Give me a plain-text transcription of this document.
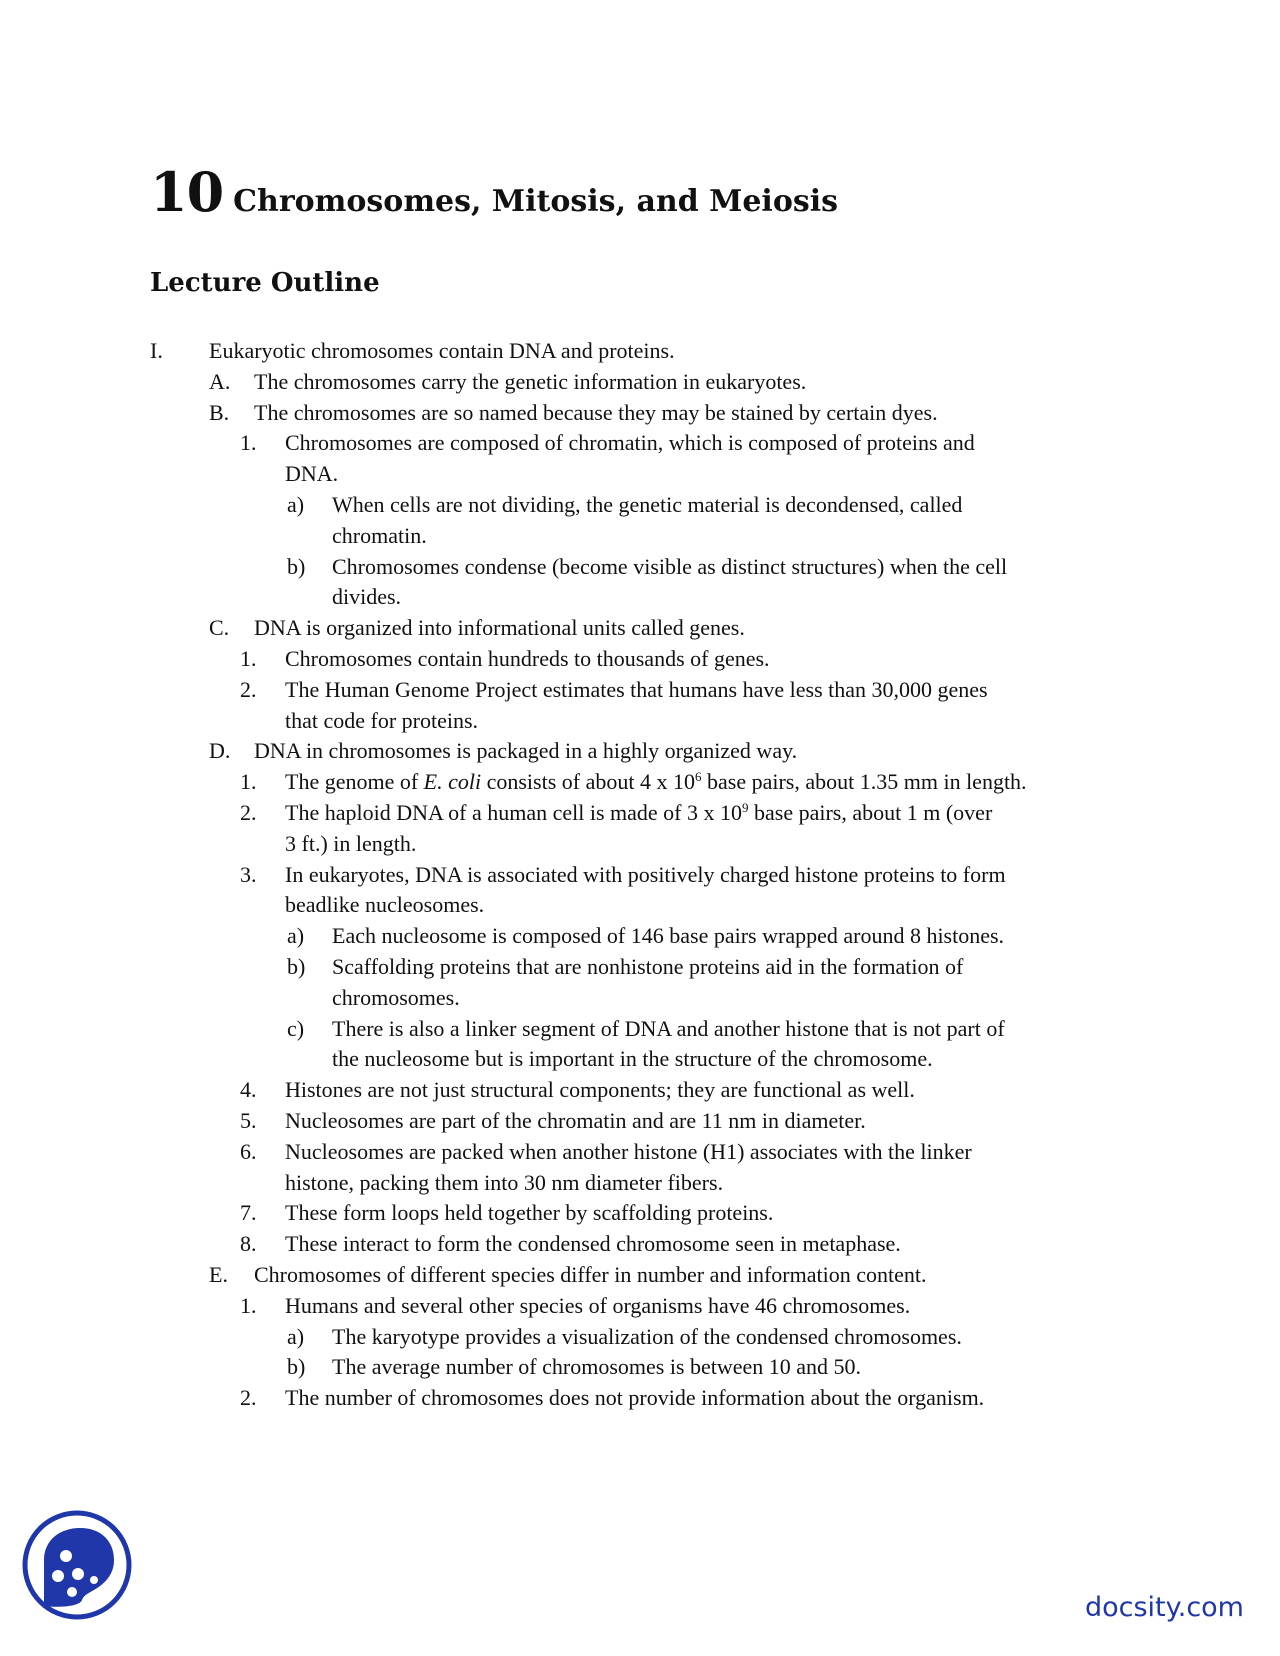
10 Chromosomes, Mitosis, and Meiosis
Lecture Outline
I. Eukaryotic chromosomes contain DNA and proteins.
A. The chromosomes carry the genetic information in eukaryotes.
B. The chromosomes are so named because they may be stained by certain dyes.
1. Chromosomes are composed of chromatin, which is composed of proteins and
DNA.
a) When cells are not dividing, the genetic material is decondensed, called
chromatin.
b) Chromosomes condense (become visible as distinct structures) when the cell
divides.
C. DNA is organized into informational units called genes.
1. Chromosomes contain hundreds to thousands of genes.
2. The Human Genome Project estimates that humans have less than 30,000 genes
that code for proteins.
D. DNA in chromosomes is packaged in a highly organized way.
1. The genome of E. coli consists of about 4 x $10^6$ base pairs, about 1.35 mm in length.
2. The haploid DNA of a human cell is made of 3 x $10^9$ base pairs, about 1 m (over
3 ft.) in length.
3. In eukaryotes, DNA is associated with positively charged histone proteins to form
beadlike nucleosomes.
a) Each nucleosome is composed of 146 base pairs wrapped around 8 histones.
b) Scaffolding proteins that are nonhistone proteins aid in the formation of
chromosomes.
c) There is also a linker segment of DNA and another histone that is not part of
the nucleosome but is important in the structure of the chromosome.
4. Histones are not just structural components; they are functional as well.
5. Nucleosomes are part of the chromatin and are 11 nm in diameter.
6. Nucleosomes are packed when another histone (H1) associates with the linker
histone, packing them into 30 nm diameter fibers.
7. These form loops held together by scaffolding proteins.
8. These interact to form the condensed chromosome seen in metaphase.
E. Chromosomes of different species differ in number and information content.
1. Humans and several other species of organisms have 46 chromosomes.
a) The karyotype provides a visualization of the condensed chromosomes.
b) The average number of chromosomes is between 10 and 50.
2. The number of chromosomes does not provide information about the organism.
docsity.com
